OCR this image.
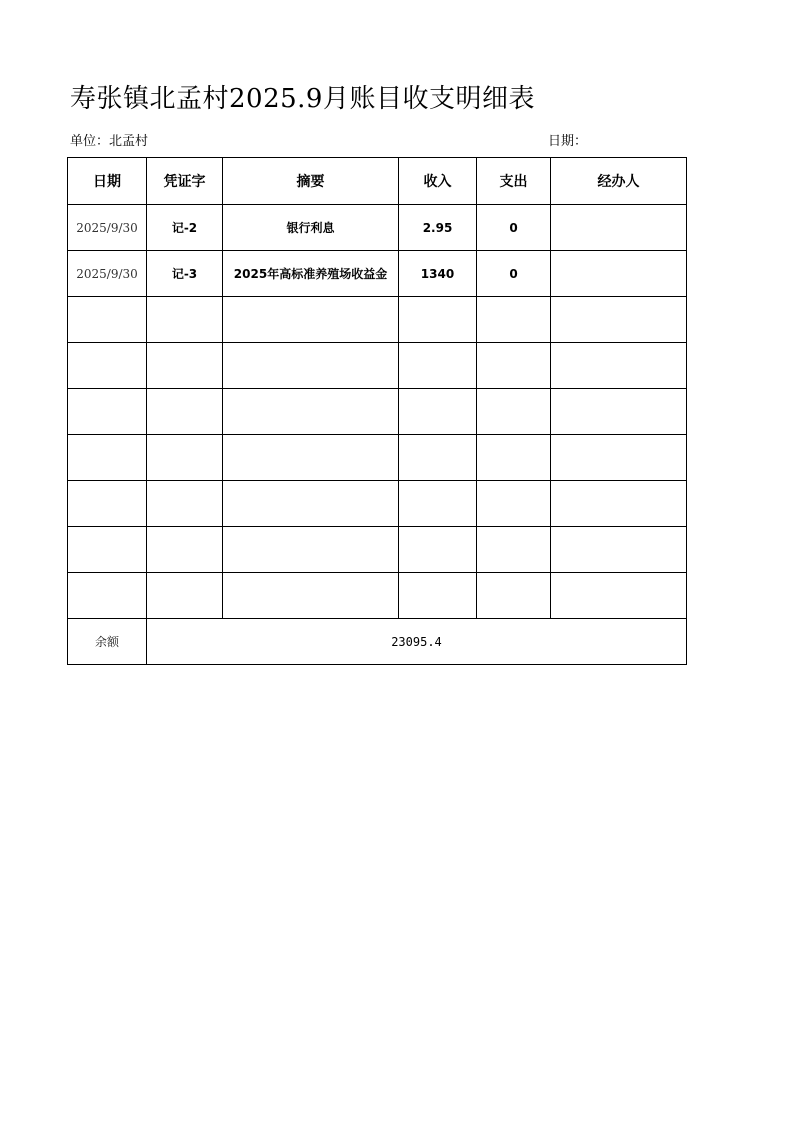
寿张镇北孟村2025.9月账目收支明细表
单位：北孟村	日期：
日期	凭证字	摘要	收入	支出	经办人
2025/9/30	记-2	银行利息	2.95	0	
2025/9/30	记-3	2025年高标准养殖场收益金	1340	0	

余额	23095.4				
